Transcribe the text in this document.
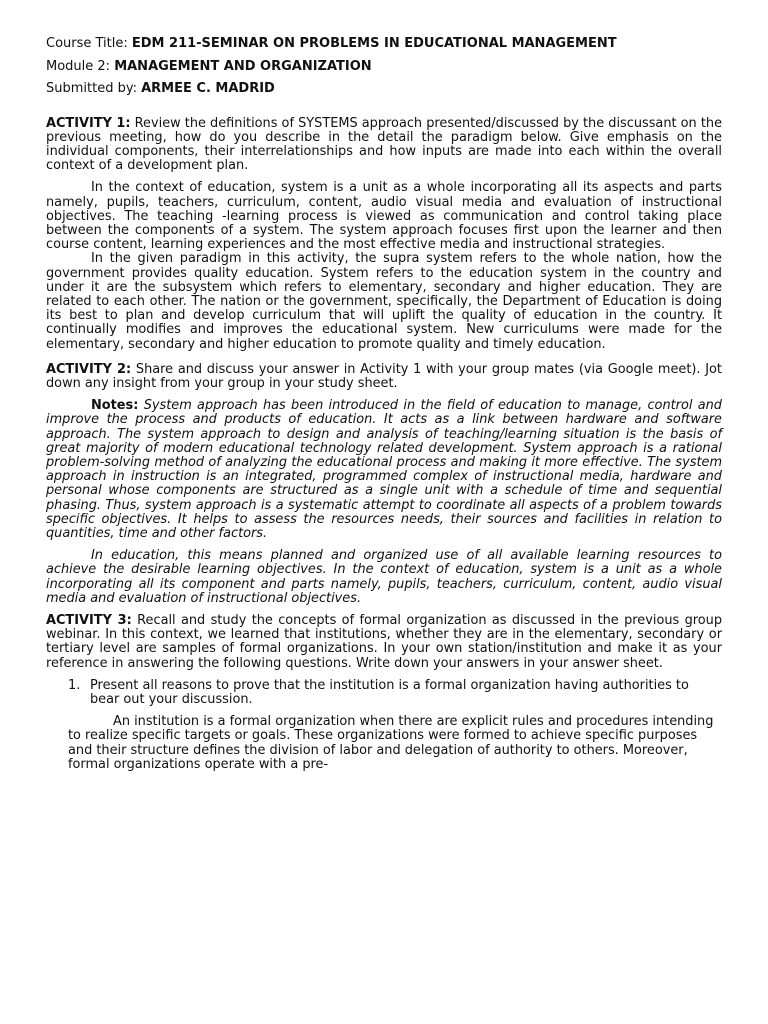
Course Title: EDM 211-SEMINAR ON PROBLEMS IN EDUCATIONAL MANAGEMENT
Module 2: MANAGEMENT AND ORGANIZATION
Submitted by: ARMEE C. MADRID

ACTIVITY 1: Review the definitions of SYSTEMS approach presented/discussed by the discussant on the previous meeting, how do you describe in the detail the paradigm below. Give emphasis on the individual components, their interrelationships and how inputs are made into each within the overall context of a development plan.

In the context of education, system is a unit as a whole incorporating all its aspects and parts namely, pupils, teachers, curriculum, content, audio visual media and evaluation of instructional objectives. The teaching -learning process is viewed as communication and control taking place between the components of a system. The system approach focuses first upon the learner and then course content, learning experiences and the most effective media and instructional strategies.

In the given paradigm in this activity, the supra system refers to the whole nation, how the government provides quality education. System refers to the education system in the country and under it are the subsystem which refers to elementary, secondary and higher education. They are related to each other. The nation or the government, specifically, the Department of Education is doing its best to plan and develop curriculum that will uplift the quality of education in the country. It continually modifies and improves the educational system. New curriculums were made for the elementary, secondary and higher education to promote quality and timely education.

ACTIVITY 2: Share and discuss your answer in Activity 1 with your group mates (via Google meet). Jot down any insight from your group in your study sheet.

Notes: System approach has been introduced in the field of education to manage, control and improve the process and products of education. It acts as a link between hardware and software approach. The system approach to design and analysis of teaching/learning situation is the basis of great majority of modern educational technology related development. System approach is a rational problem-solving method of analyzing the educational process and making it more effective. The system approach in instruction is an integrated, programmed complex of instructional media, hardware and personal whose components are structured as a single unit with a schedule of time and sequential phasing. Thus, system approach is a systematic attempt to coordinate all aspects of a problem towards specific objectives. It helps to assess the resources needs, their sources and facilities in relation to quantities, time and other factors.

In education, this means planned and organized use of all available learning resources to achieve the desirable learning objectives. In the context of education, system is a unit as a whole incorporating all its component and parts namely, pupils, teachers, curriculum, content, audio visual media and evaluation of instructional objectives.

ACTIVITY 3: Recall and study the concepts of formal organization as discussed in the previous group webinar. In this context, we learned that institutions, whether they are in the elementary, secondary or tertiary level are samples of formal organizations. In your own station/institution and make it as your reference in answering the following questions. Write down your answers in your answer sheet.

1. Present all reasons to prove that the institution is a formal organization having authorities to bear out your discussion.

An institution is a formal organization when there are explicit rules and procedures intending to realize specific targets or goals. These organizations were formed to achieve specific purposes and their structure defines the division of labor and delegation of authority to others. Moreover, formal organizations operate with a pre-
